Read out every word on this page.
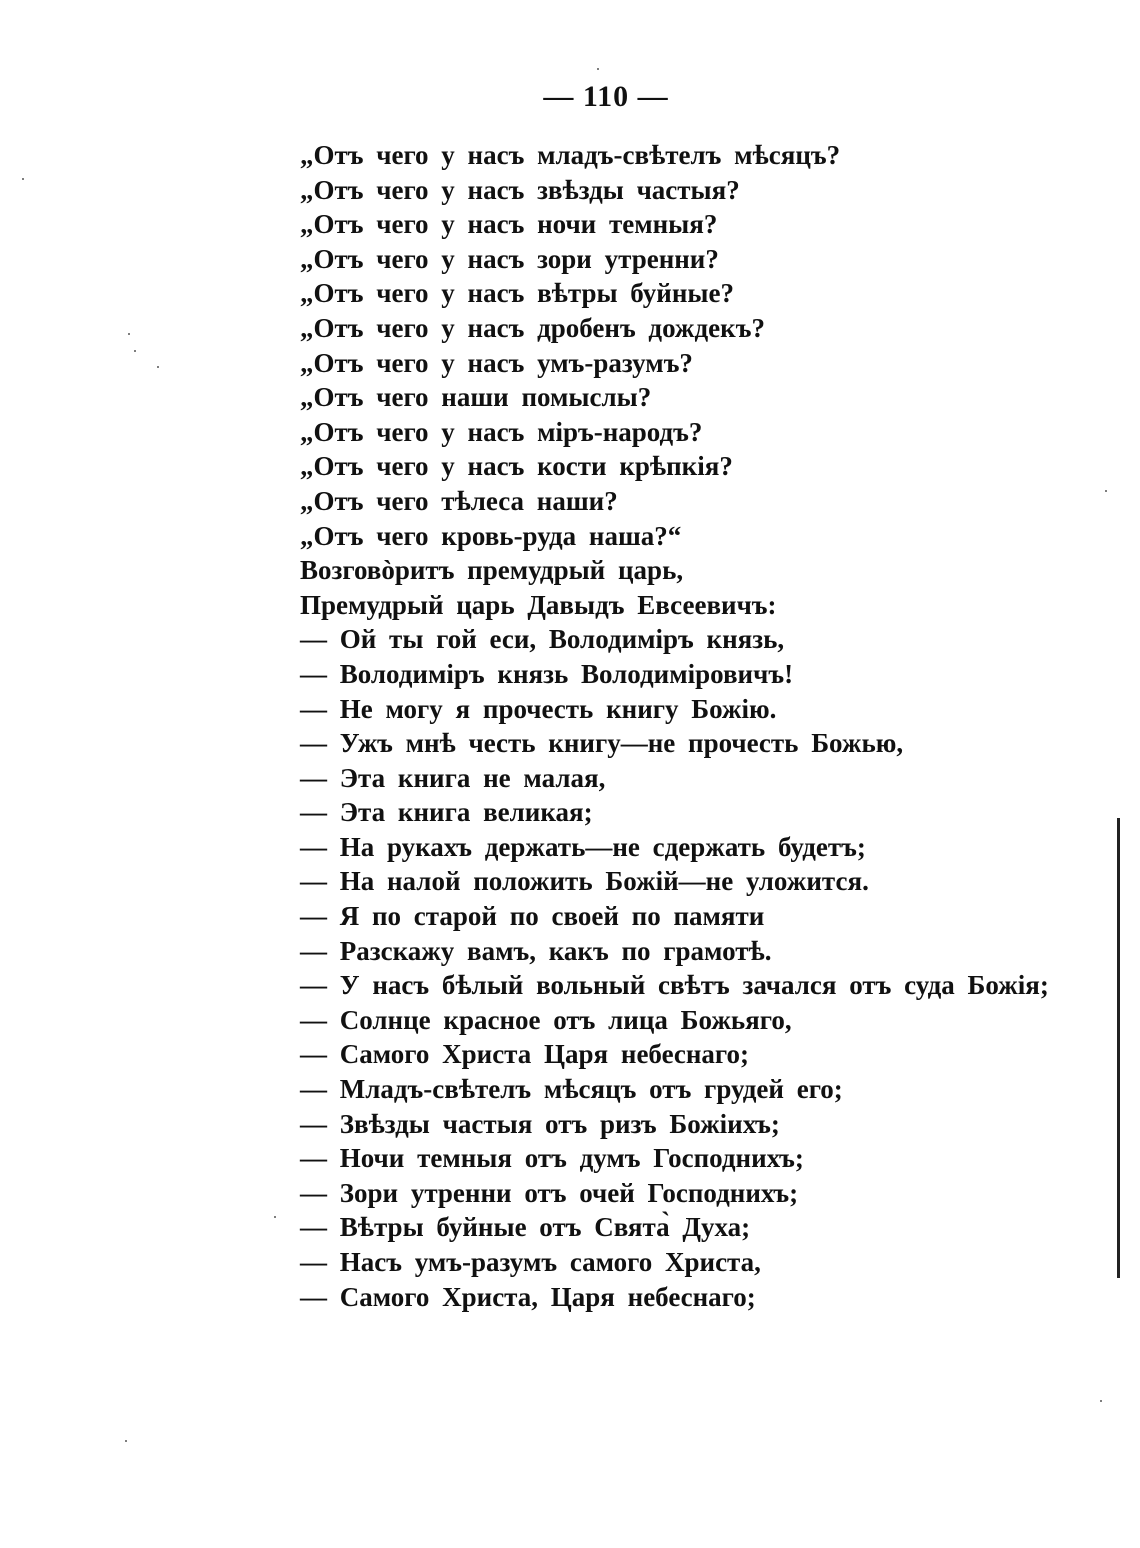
— 110 —
„Отъ чего у насъ младъ-свѣтелъ мѣсяцъ?
„Отъ чего у насъ звѣзды частыя?
„Отъ чего у насъ ночи темныя?
„Отъ чего у насъ зори утренни?
„Отъ чего у насъ вѣтры буйные?
„Отъ чего у насъ дробенъ дождекъ?
„Отъ чего у насъ умъ-разумъ?
„Отъ чего наши помыслы?
„Отъ чего у насъ міръ-народъ?
„Отъ чего у насъ кости крѣпкія?
„Отъ чего тѣлеса наши?
„Отъ чего кровь-руда наша?“
Возговòритъ премудрый царь,
Премудрый царь Давыдъ Евсеевичъ:
— Ой ты гой еси, Володиміръ князь,
— Володиміръ князь Володиміровичъ!
— Не могу я прочесть книгу Божію.
— Ужъ мнѣ честь книгу—не прочесть Божью,
— Эта книга не малая,
— Эта книга великая;
— На рукахъ держать—не сдержать будетъ;
— На налой положить Божій—не уложится.
— Я по старой по своей по памяти
— Разскажу вамъ, какъ по грамотѣ.
— У насъ бѣлый вольный свѣтъ зачался отъ суда Божія;
— Солнце красное отъ лица Божьяго,
— Самого Христа Царя небеснаго;
— Младъ-свѣтелъ мѣсяцъ отъ грудей его;
— Звѣзды частыя отъ ризъ Божіихъ;
— Ночи темныя отъ думъ Господнихъ;
— Зори утренни отъ очей Господнихъ;
— Вѣтры буйные отъ Свята̀ Духа;
— Насъ умъ-разумъ самого Христа,
— Самого Христа, Царя небеснаго;
